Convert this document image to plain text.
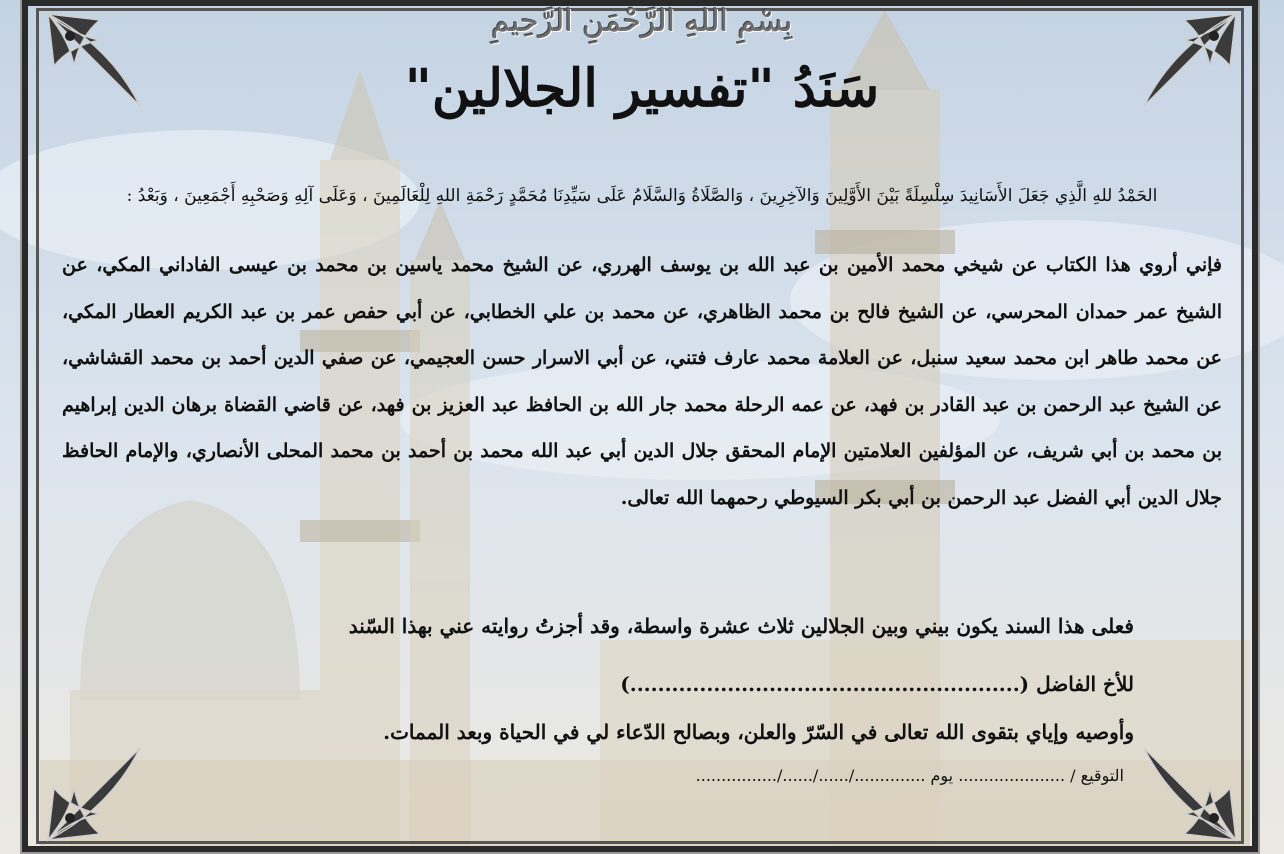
بِسْمِ اللهِ الرَّحْمَنِ الرَّحِيمِ
سَنَدُ "تفسير الجلالين"
الحَمْدُ للهِ الَّذِي جَعَلَ الأَسَانِيدَ سِلْسِلَةً بَيْنَ الأَوَّلِينَ وَالآخِرِينَ ، وَالصَّلَاةُ وَالسَّلَامُ عَلَى سَيِّدِنَا مُحَمَّدٍ رَحْمَةِ اللهِ لِلْعَالَمِينَ ، وَعَلَى آلِهِ وَصَحْبِهِ أَجْمَعِينَ ، وَبَعْدُ :
فإني أروي هذا الكتاب عن شيخي محمد الأمين بن عبد الله بن يوسف الهرري، عن الشيخ محمد ياسين بن محمد بن عيسى الفاداني المكي، عن الشيخ عمر حمدان المحرسي، عن الشيخ فالح بن محمد الظاهري، عن محمد بن علي الخطابي، عن أبي حفص عمر بن عبد الكريم العطار المكي، عن محمد طاهر ابن محمد سعيد سنبل، عن العلامة محمد عارف فتني، عن أبي الاسرار حسن العجيمي، عن صفي الدين أحمد بن محمد القشاشي، عن الشيخ عبد الرحمن بن عبد القادر بن فهد، عن عمه الرحلة محمد جار الله بن الحافظ عبد العزيز بن فهد، عن قاضي القضاة برهان الدين إبراهيم بن محمد بن أبي شريف، عن المؤلفين العلامتين الإمام المحقق جلال الدين أبي عبد الله محمد بن أحمد بن محمد المحلى الأنصاري، والإمام الحافظ جلال الدين أبي الفضل عبد الرحمن بن أبي بكر السيوطي رحمهما الله تعالى.
فعلى هذا السند يكون بيني وبين الجلالين ثلاث عشرة واسطة، وقد أجزتُ روايته عني بهذا السّند
للأخ الفاضل (........................................................)
وأوصيه وإياي بتقوى الله تعالى في السّرّ والعلن، وبصالح الدّعاء لي في الحياة وبعد الممات.
التوقيع / ..................... يوم ............../....../....../................
